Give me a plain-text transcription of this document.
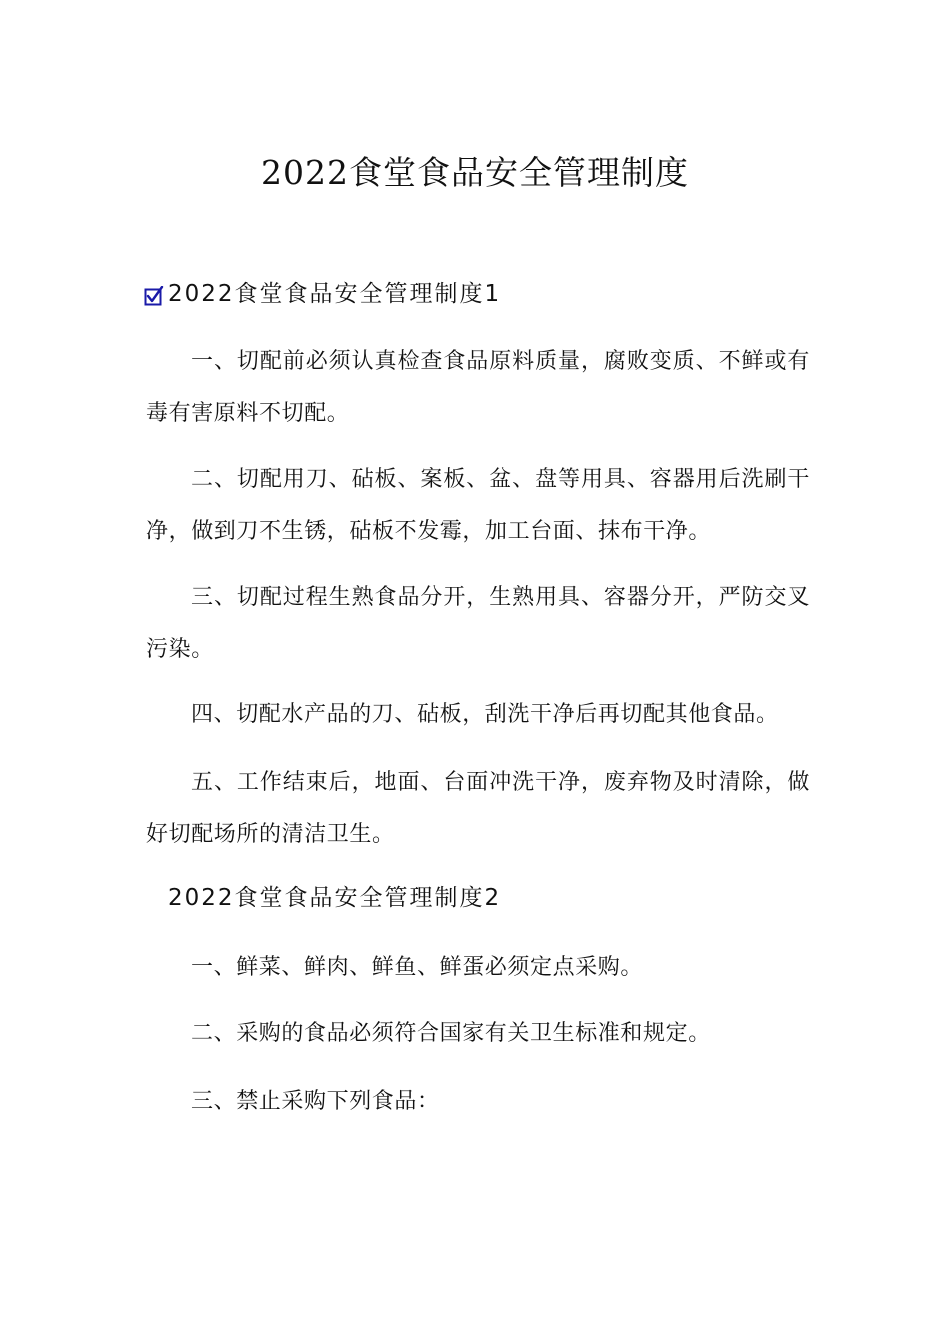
2022食堂食品安全管理制度
2022食堂食品安全管理制度1

一、切配前必须认真检查食品原料质量，腐败变质、不鲜或有毒有害原料不切配。

二、切配用刀、砧板、案板、盆、盘等用具、容器用后洗刷干净，做到刀不生锈，砧板不发霉，加工台面、抹布干净。

三、切配过程生熟食品分开，生熟用具、容器分开，严防交叉污染。

四、切配水产品的刀、砧板，刮洗干净后再切配其他食品。

五、工作结束后，地面、台面冲洗干净，废弃物及时清除，做好切配场所的清洁卫生。

2022食堂食品安全管理制度2

一、鲜菜、鲜肉、鲜鱼、鲜蛋必须定点采购。

二、采购的食品必须符合国家有关卫生标准和规定。

三、禁止采购下列食品：
